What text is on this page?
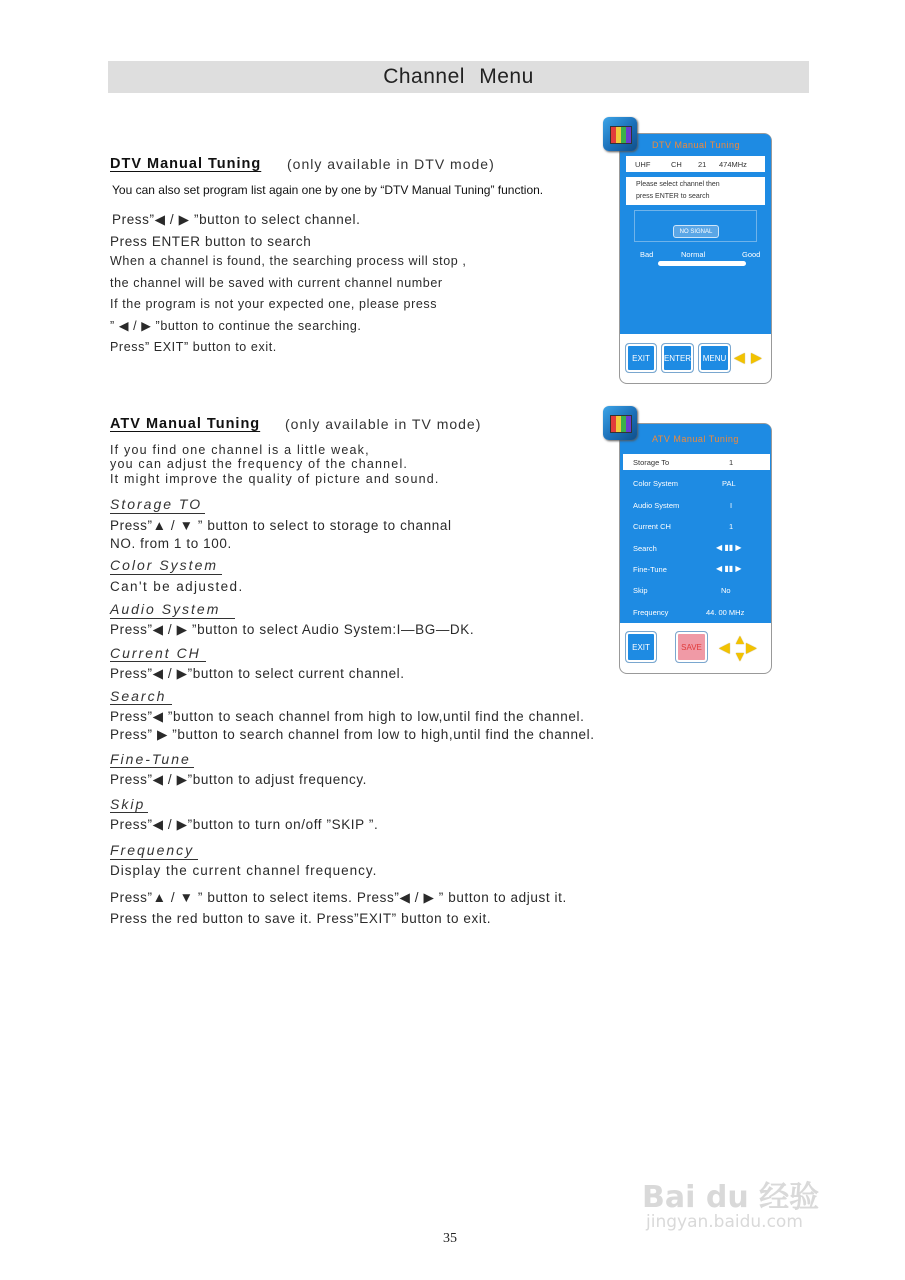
Channel Menu
DTV Manual Tuning (only available in DTV mode)
You can also set program list again one by one by “DTV Manual Tuning” function.
Press”◀ / ▶ ”button to select channel.
Press ENTER button to search
When a channel is found, the searching process will stop ,
the channel will be saved with current channel number
If the program is not your expected one, please press
” ◀ / ▶ ”button to continue the searching.
Press” EXIT” button to exit.
DTV Manual Tuning
UHF	CH 21 474MHz
Please select channel then
press ENTER to search
NO SIGNAL
Bad	Normal	Good
EXIT	ENTER	MENU ◀ ▶
ATV Manual Tuning (only available in TV mode)
If you find one channel is a little weak,
you can adjust the frequency of the channel.
It might improve the quality of picture and sound.
Storage TO
Press”▲ / ▼ ” button to select to storage to channal
NO. from 1 to 100.
Color System
Can't be adjusted.
Audio System
Press”◀ / ▶ ”button to select Audio System:I—BG—DK.
Current CH
Press”◀ / ▶”button to select current channel.
Search
Press”◀ ”button to seach channel from high to low,until find the channel.
Press” ▶ ”button to search channel from low to high,until find the channel.
Fine-Tune
Press”◀ / ▶”button to adjust frequency.
Skip
Press”◀ / ▶”button to turn on/off ”SKIP ”.
Frequency
Display the current channel frequency.
Press”▲ / ▼ ” button to select items. Press”◀ / ▶ ” button to adjust it.
Press the red button to save it. Press”EXIT” button to exit.
ATV Manual Tuning
Storage To	1
Color System	PAL
Audio System	I
Current CH	1
Search	◀ ▮▮ ▶
Fine-Tune	◀ ▮▮ ▶
Skip	No
Frequency	44. 00 MHz
EXIT	SAVE	▲
◀ ▶
▼
35
Bai du 经验
jingyan.baidu.com
